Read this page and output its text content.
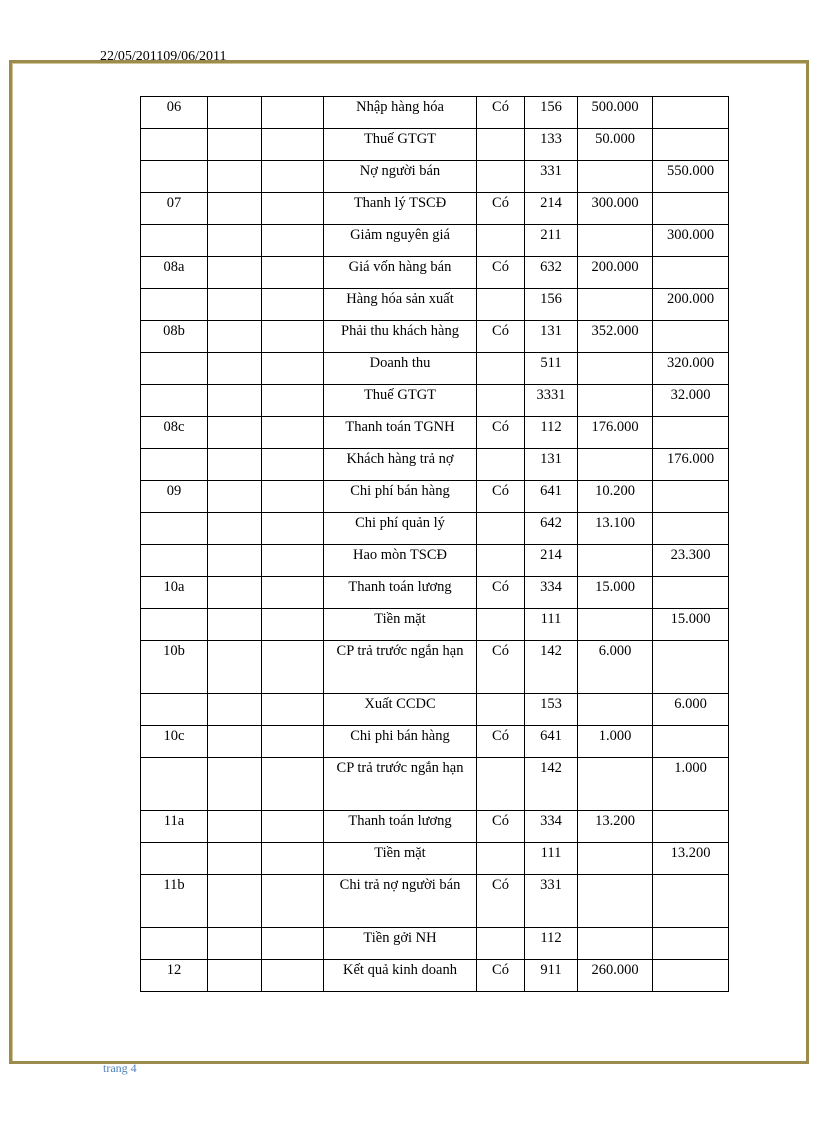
22/05/201109/06/2011
06			Nhập hàng hóa	Có	156	500.000	
			Thuế GTGT		133	50.000	
			Nợ người bán		331		550.000
07			Thanh lý TSCĐ	Có	214	300.000	
			Giảm nguyên giá		211		300.000
08a			Giá vốn hàng bán	Có	632	200.000	
			Hàng hóa sản xuất		156		200.000
08b			Phải thu khách hàng	Có	131	352.000	
			Doanh thu		511		320.000
			Thuế GTGT		3331		32.000
08c			Thanh toán TGNH	Có	112	176.000	
			Khách hàng trả nợ		131		176.000
09			Chi phí bán hàng	Có	641	10.200	
			Chi phí quản lý		642	13.100	
			Hao mòn TSCĐ		214		23.300
10a			Thanh toán lương	Có	334	15.000	
			Tiền mặt		111		15.000
10b			CP trả trước ngắn hạn	Có	142	6.000	
			Xuất CCDC		153		6.000
10c			Chi phi bán hàng	Có	641	1.000	
			CP trả trước ngắn hạn		142		1.000
11a			Thanh toán lương	Có	334	13.200	
			Tiền mặt		111		13.200
11b			Chi trả nợ người bán	Có	331		
			Tiền gởi NH		112		
12			Kết quả kinh doanh	Có	911	260.000	
trang 4
